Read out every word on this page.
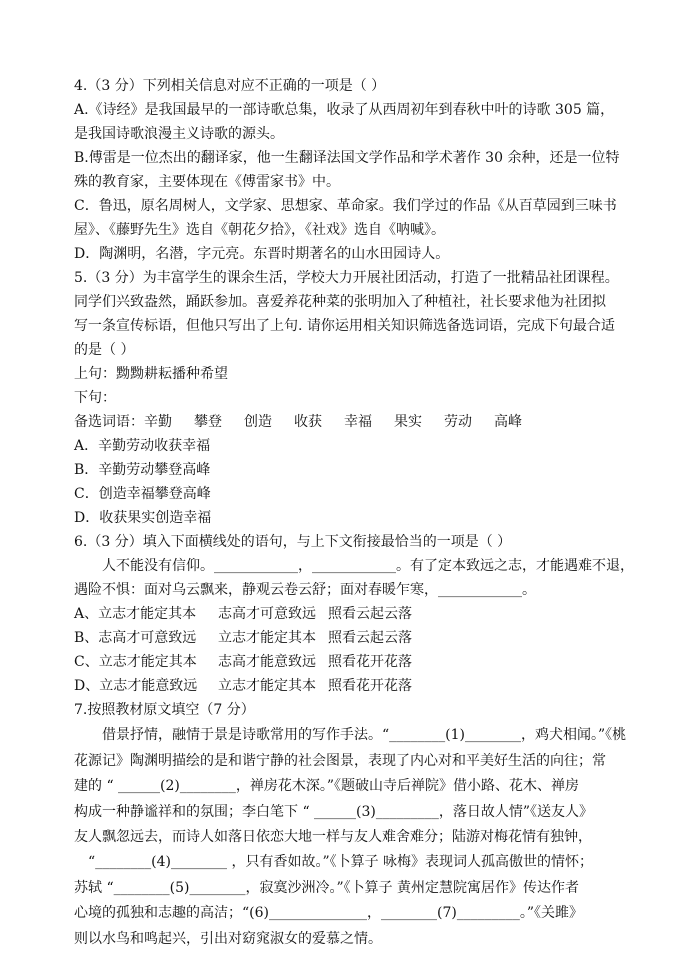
4.（3 分）下列相关信息对应不正确的一项是（ ）
A.《诗经》是我国最早的一部诗歌总集，收录了从西周初年到春秋中叶的诗歌 305 篇，
是我国诗歌浪漫主义诗歌的源头。
B.傅雷是一位杰出的翻译家，他一生翻译法国文学作品和学术著作 30 余种，还是一位特
殊的教育家，主要体现在《傅雷家书》中。
C．鲁迅，原名周树人，文学家、思想家、革命家。我们学过的作品《从百草园到三味书
屋》、《藤野先生》选自《朝花夕拾》，《社戏》选自《呐喊》。
D．陶渊明，名潜，字元亮。东晋时期著名的山水田园诗人。
5.（3 分）为丰富学生的课余生活，学校大力开展社团活动，打造了一批精品社团课程。
同学们兴致盎然，踊跃参加。喜爱养花种菜的张明加入了种植社，社长要求他为社团拟
写一条宣传标语，但他只写出了上句. 请你运用相关知识筛选备选词语，完成下句最合适
的是（ ）
上句：黝黝耕耘播种希望
下句：
备选词语：辛勤 攀登 创造 收获 幸福 果实 劳动 高峰
A．辛勤劳动收获幸福
B．辛勤劳动攀登高峰
C．创造幸福攀登高峰
D．收获果实创造幸福
6.（3 分）填入下面横线处的语句，与上下文衔接最恰当的一项是（ ）
人不能没有信仰。____________，____________。有了定本致远之志，才能遇难不退，
遇险不惧：面对乌云飘来，静观云卷云舒；面对春暖乍寒，____________。
A、立志才能定其本 志高才可意致远 照看云起云落
B、志高才可意致远 立志才能定其本 照看云起云落
C、立志才能定其本 志高才能意致远 照看花开花落
D、立志才能意致远 立志才能定其本 照看花开花落
7.按照教材原文填空（7 分）
借景抒情，融情于景是诗歌常用的写作手法。“________(1)________，鸡犬相闻。”《桃
花源记》陶渊明描绘的是和谐宁静的社会图景，表现了内心对和平美好生活的向往；常
建的 “ ______(2)________，禅房花木深。”《题破山寺后禅院》借小路、花木、禅房
构成一种静谧祥和的氛围；李白笔下 “ ______(3)_________，落日故人情”《送友人》
友人飘忽远去，而诗人如落日依恋大地一样与友人难舍难分；陆游对梅花情有独钟，
“________(4)________ ，只有香如故。”《卜算子 咏梅》表现词人孤高傲世的情怀；
苏轼 “________(5)________，寂寞沙洲冷。”《卜算子 黄州定慧院寓居作》传达作者
心境的孤独和志趣的高洁；“(6)______________，________(7)_________。”《关雎》
则以水鸟和鸣起兴，引出对窈窕淑女的爱慕之情。
